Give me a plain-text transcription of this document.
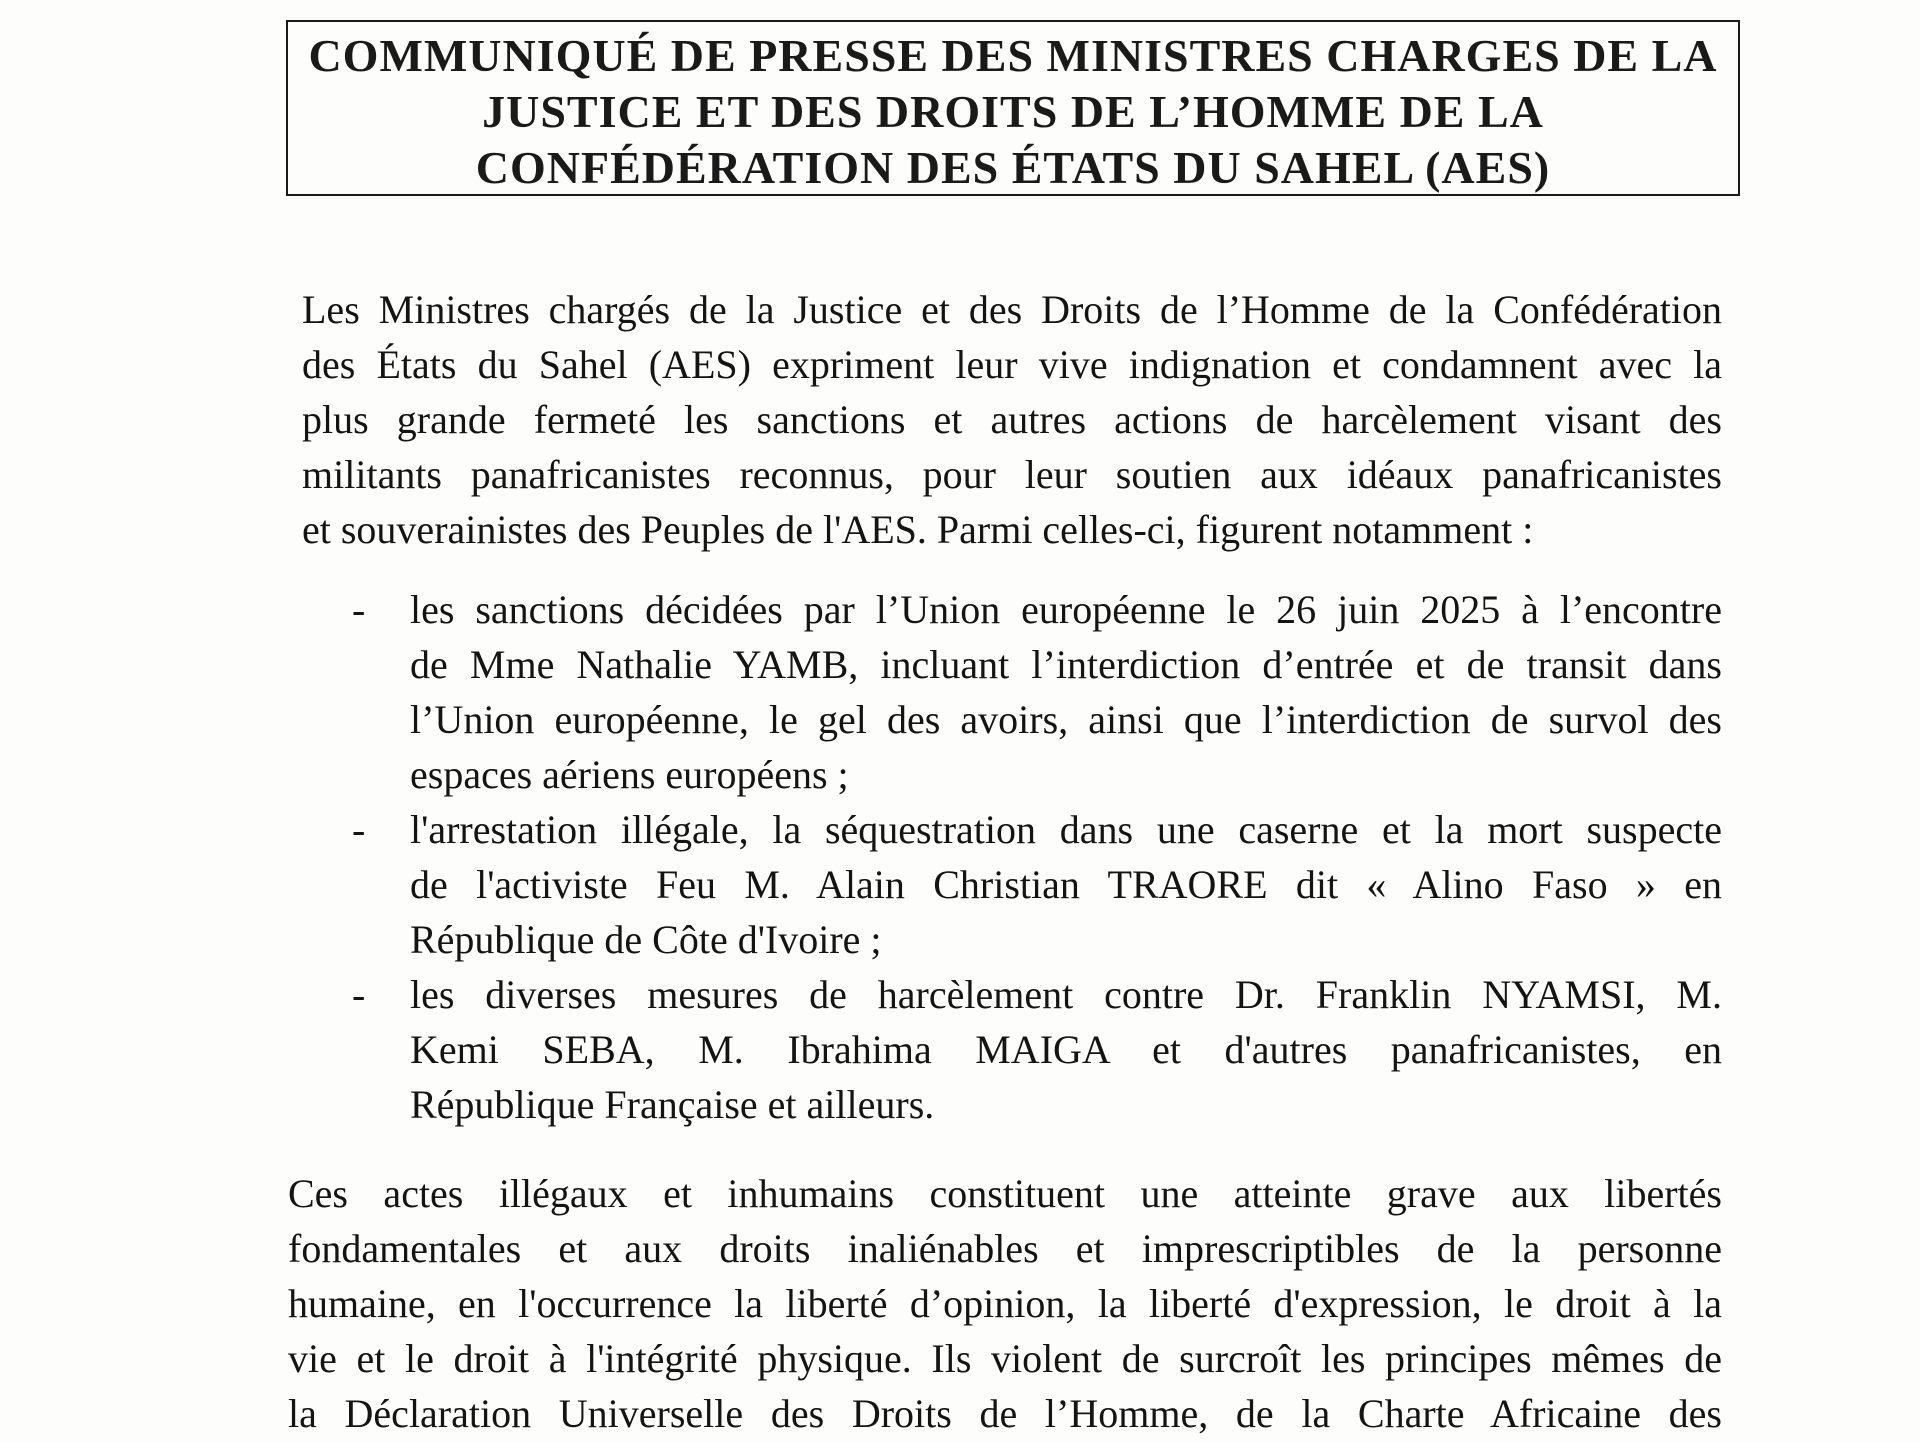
COMMUNIQUÉ DE PRESSE DES MINISTRES CHARGES DE LA
JUSTICE ET DES DROITS DE L’HOMME DE LA
CONFÉDÉRATION DES ÉTATS DU SAHEL (AES)

Les Ministres chargés de la Justice et des Droits de l’Homme de la Confédération
des États du Sahel (AES) expriment leur vive indignation et condamnent avec la
plus grande fermeté les sanctions et autres actions de harcèlement visant des
militants panafricanistes reconnus, pour leur soutien aux idéaux panafricanistes
et souverainistes des Peuples de l'AES. Parmi celles-ci, figurent notamment :

- les sanctions décidées par l’Union européenne le 26 juin 2025 à l’encontre
de Mme Nathalie YAMB, incluant l’interdiction d’entrée et de transit dans
l’Union européenne, le gel des avoirs, ainsi que l’interdiction de survol des
espaces aériens européens ;
- l'arrestation illégale, la séquestration dans une caserne et la mort suspecte
de l'activiste Feu M. Alain Christian TRAORE dit « Alino Faso » en
République de Côte d'Ivoire ;
- les diverses mesures de harcèlement contre Dr. Franklin NYAMSI, M.
Kemi SEBA, M. Ibrahima MAIGA et d'autres panafricanistes, en
République Française et ailleurs.

Ces actes illégaux et inhumains constituent une atteinte grave aux libertés
fondamentales et aux droits inaliénables et imprescriptibles de la personne
humaine, en l'occurrence la liberté d’opinion, la liberté d'expression, le droit à la
vie et le droit à l'intégrité physique. Ils violent de surcroît les principes mêmes de
la Déclaration Universelle des Droits de l’Homme, de la Charte Africaine des
